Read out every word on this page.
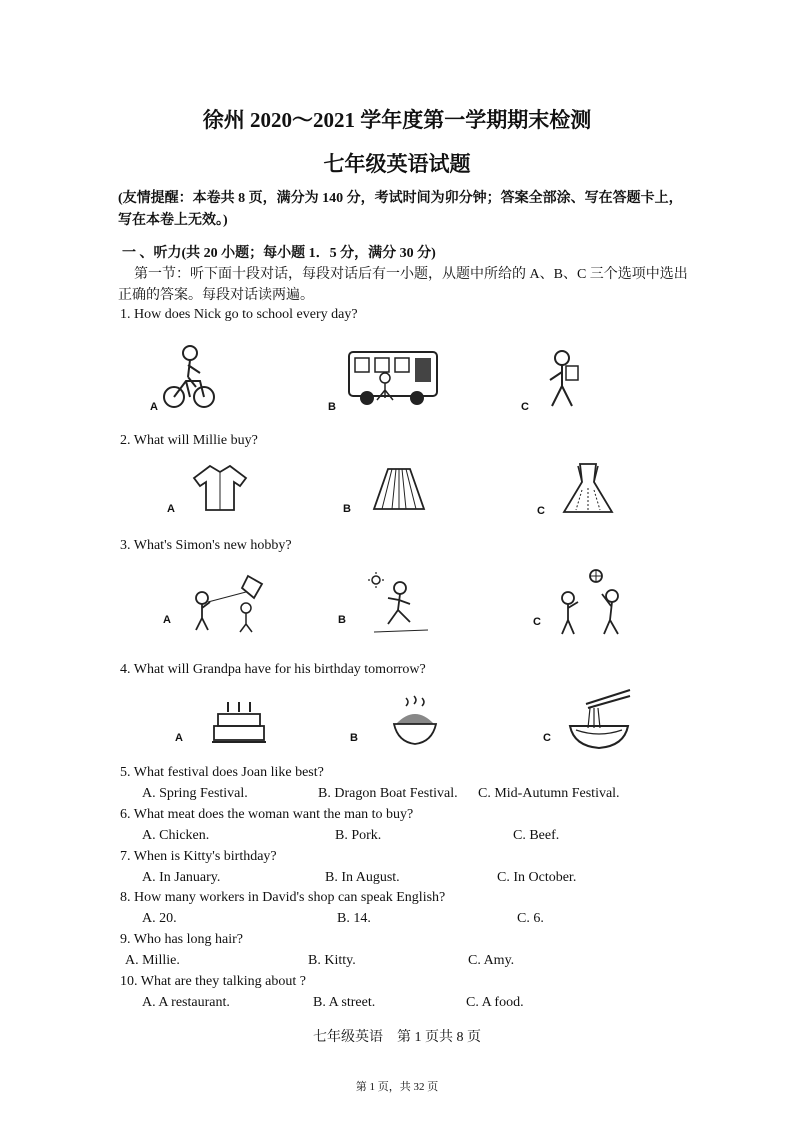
徐州 2020～2021 学年度第一学期期末检测
七年级英语试题
(友情提醒：本卷共 8 页，满分为 140 分，考试时间为卯分钟；答案全部涂、写在答题卡上，写在本卷上无效。)
一 、听力(共 20 小题；每小题 1．5 分，满分 30 分)
第一节：听下面十段对话，每段对话后有一小题，从题中所给的 A、B、C 三个选项中选出正确的答案。每段对话读两遍。
1. How does Nick go to school every day?
A	B	C
2. What will Millie buy?
A	B	C
3. What's Simon's new hobby?
A	B	C
4. What will Grandpa have for his birthday tomorrow?
A	B	C
5. What festival does Joan like best?
A. Spring Festival.	B. Dragon Boat Festival. C. Mid-Autumn Festival.
6. What meat does the woman want the man to buy?
A. Chicken.	B. Pork.	C. Beef.
7. When is Kitty's birthday?
A. In January.	B. In August.	C. In October.
8. How many workers in David's shop can speak English?
A. 20.	B. 14.	C. 6.
9. Who has long hair?
A. Millie.	B. Kitty.	C. Amy.
10. What are they talking about ?
A. A restaurant.	B. A street.	C. A food.
七年级英语　第 1 页共 8 页
第 1 页，共 32 页
